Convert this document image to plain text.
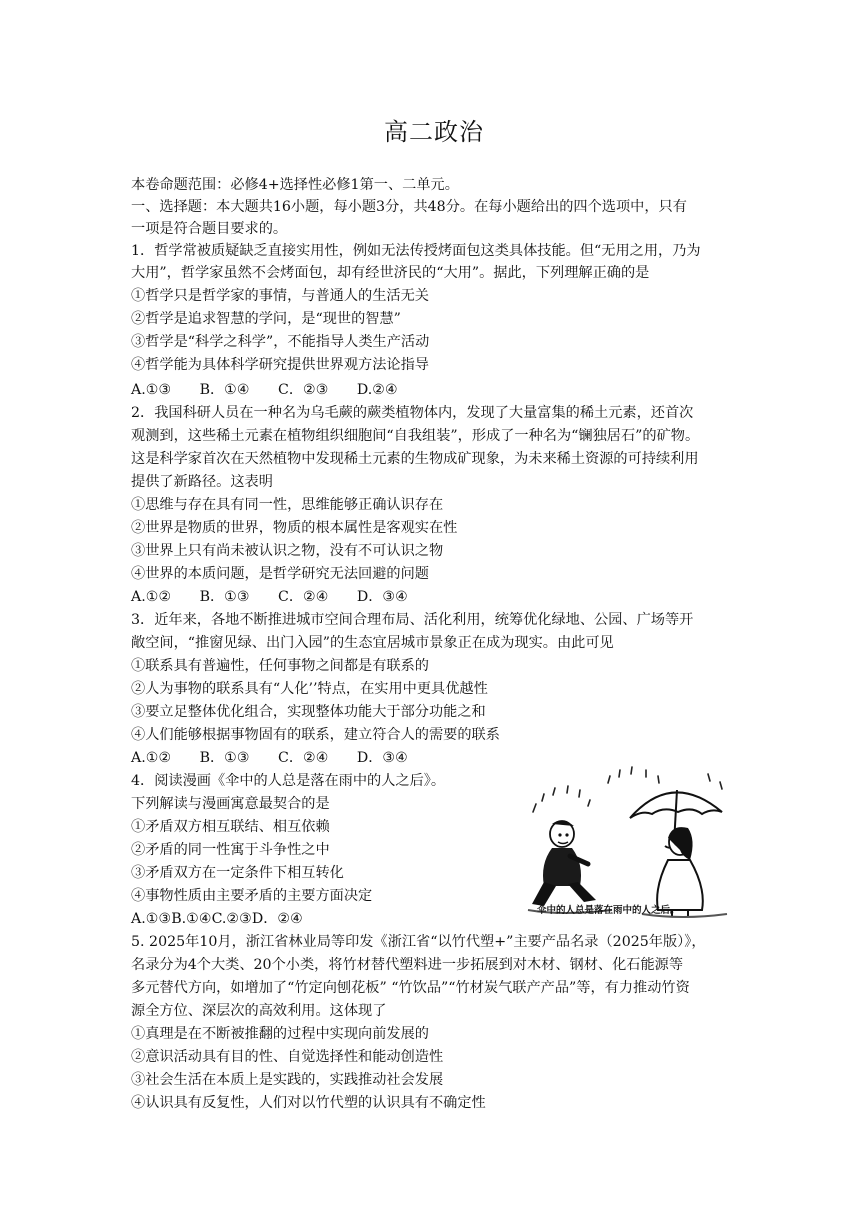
高二政治
本卷命题范围：必修4+选择性必修1第一、二单元。
一、选择题：本大题共16小题，每小题3分，共48分。在每小题给出的四个选项中，只有
一项是符合题目要求的。
1．哲学常被质疑缺乏直接实用性，例如无法传授烤面包这类具体技能。但“无用之用，乃为
大用”，哲学家虽然不会烤面包，却有经世济民的“大用”。据此，下列理解正确的是
①哲学只是哲学家的事情，与普通人的生活无关
②哲学是追求智慧的学问，是“现世的智慧”
③哲学是“科学之科学”，不能指导人类生产活动
④哲学能为具体科学研究提供世界观方法论指导
A.①③　　B．①④　　C．②③　　D.②④
2．我国科研人员在一种名为乌毛蕨的蕨类植物体内，发现了大量富集的稀土元素，还首次
观测到，这些稀土元素在植物组织细胞间“自我组装”，形成了一种名为“镧独居石”的矿物。
这是科学家首次在天然植物中发现稀土元素的生物成矿现象，为未来稀土资源的可持续利用
提供了新路径。这表明
①思维与存在具有同一性，思维能够正确认识存在
②世界是物质的世界，物质的根本属性是客观实在性
③世界上只有尚未被认识之物，没有不可认识之物
④世界的本质问题，是哲学研究无法回避的问题
A.①②　　B．①③　　C．②④　　D．③④
3．近年来，各地不断推进城市空间合理布局、活化利用，统筹优化绿地、公园、广场等开
敞空间，“推窗见绿、出门入园”的生态宜居城市景象正在成为现实。由此可见
①联系具有普遍性，任何事物之间都是有联系的
②人为事物的联系具有“人化’’特点，在实用中更具优越性
③要立足整体优化组合，实现整体功能大于部分功能之和
④人们能够根据事物固有的联系，建立符合人的需要的联系
A.①②　　B．①③　　C．②④　　D．③④
4．阅读漫画《伞中的人总是落在雨中的人之后》。
下列解读与漫画寓意最契合的是
①矛盾双方相互联结、相互依赖
②矛盾的同一性寓于斗争性之中
③矛盾双方在一定条件下相互转化
④事物性质由主要矛盾的主要方面决定
A.①③B.①④C.②③D．②④
5. 2025年10月，浙江省林业局等印发《浙江省“以竹代塑+”主要产品名录（2025年版）》，
名录分为4个大类、20个小类，将竹材替代塑料进一步拓展到对木材、钢材、化石能源等
多元替代方向，如增加了“竹定向刨花板” “竹饮品”“竹材炭气联产产品”等，有力推动竹资
源全方位、深层次的高效利用。这体现了
①真理是在不断被推翻的过程中实现向前发展的
②意识活动具有目的性、自觉选择性和能动创造性
③社会生活在本质上是实践的，实践推动社会发展
④认识具有反复性，人们对以竹代塑的认识具有不确定性
伞中的人总是落在雨中的人之后。
